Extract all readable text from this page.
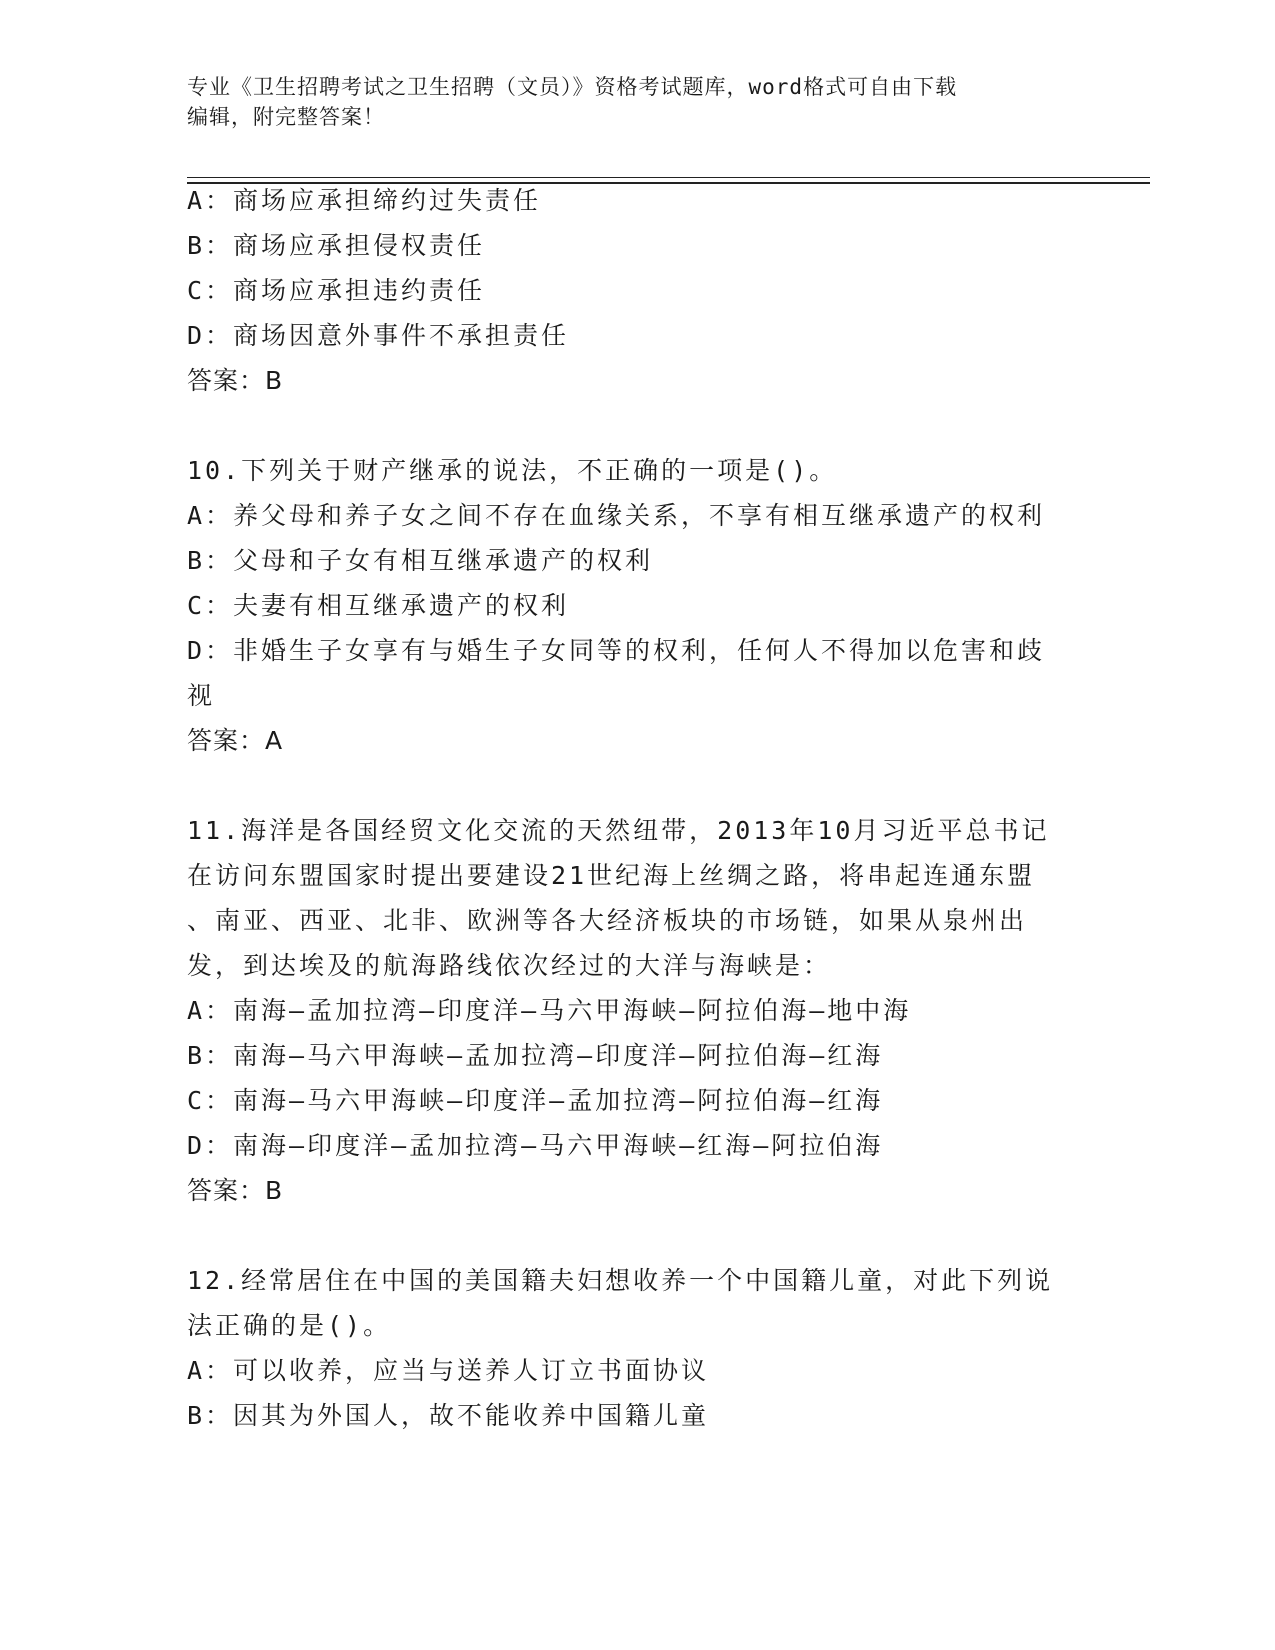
专业《卫生招聘考试之卫生招聘（文员）》资格考试题库，word格式可自由下载
编辑，附完整答案！
A：商场应承担缔约过失责任
B：商场应承担侵权责任
C：商场应承担违约责任
D：商场因意外事件不承担责任
答案：B
10.下列关于财产继承的说法，不正确的一项是()。
A：养父母和养子女之间不存在血缘关系，不享有相互继承遗产的权利
B：父母和子女有相互继承遗产的权利
C：夫妻有相互继承遗产的权利
D：非婚生子女享有与婚生子女同等的权利，任何人不得加以危害和歧
视
答案：A
11.海洋是各国经贸文化交流的天然纽带，2013年10月习近平总书记
在访问东盟国家时提出要建设21世纪海上丝绸之路，将串起连通东盟
、南亚、西亚、北非、欧洲等各大经济板块的市场链，如果从泉州出
发，到达埃及的航海路线依次经过的大洋与海峡是：
A：南海—孟加拉湾—印度洋—马六甲海峡—阿拉伯海—地中海
B：南海—马六甲海峡—孟加拉湾—印度洋—阿拉伯海—红海
C：南海—马六甲海峡—印度洋—孟加拉湾—阿拉伯海—红海
D：南海—印度洋—孟加拉湾—马六甲海峡—红海—阿拉伯海
答案：B
12.经常居住在中国的美国籍夫妇想收养一个中国籍儿童，对此下列说
法正确的是()。
A：可以收养，应当与送养人订立书面协议
B：因其为外国人，故不能收养中国籍儿童
